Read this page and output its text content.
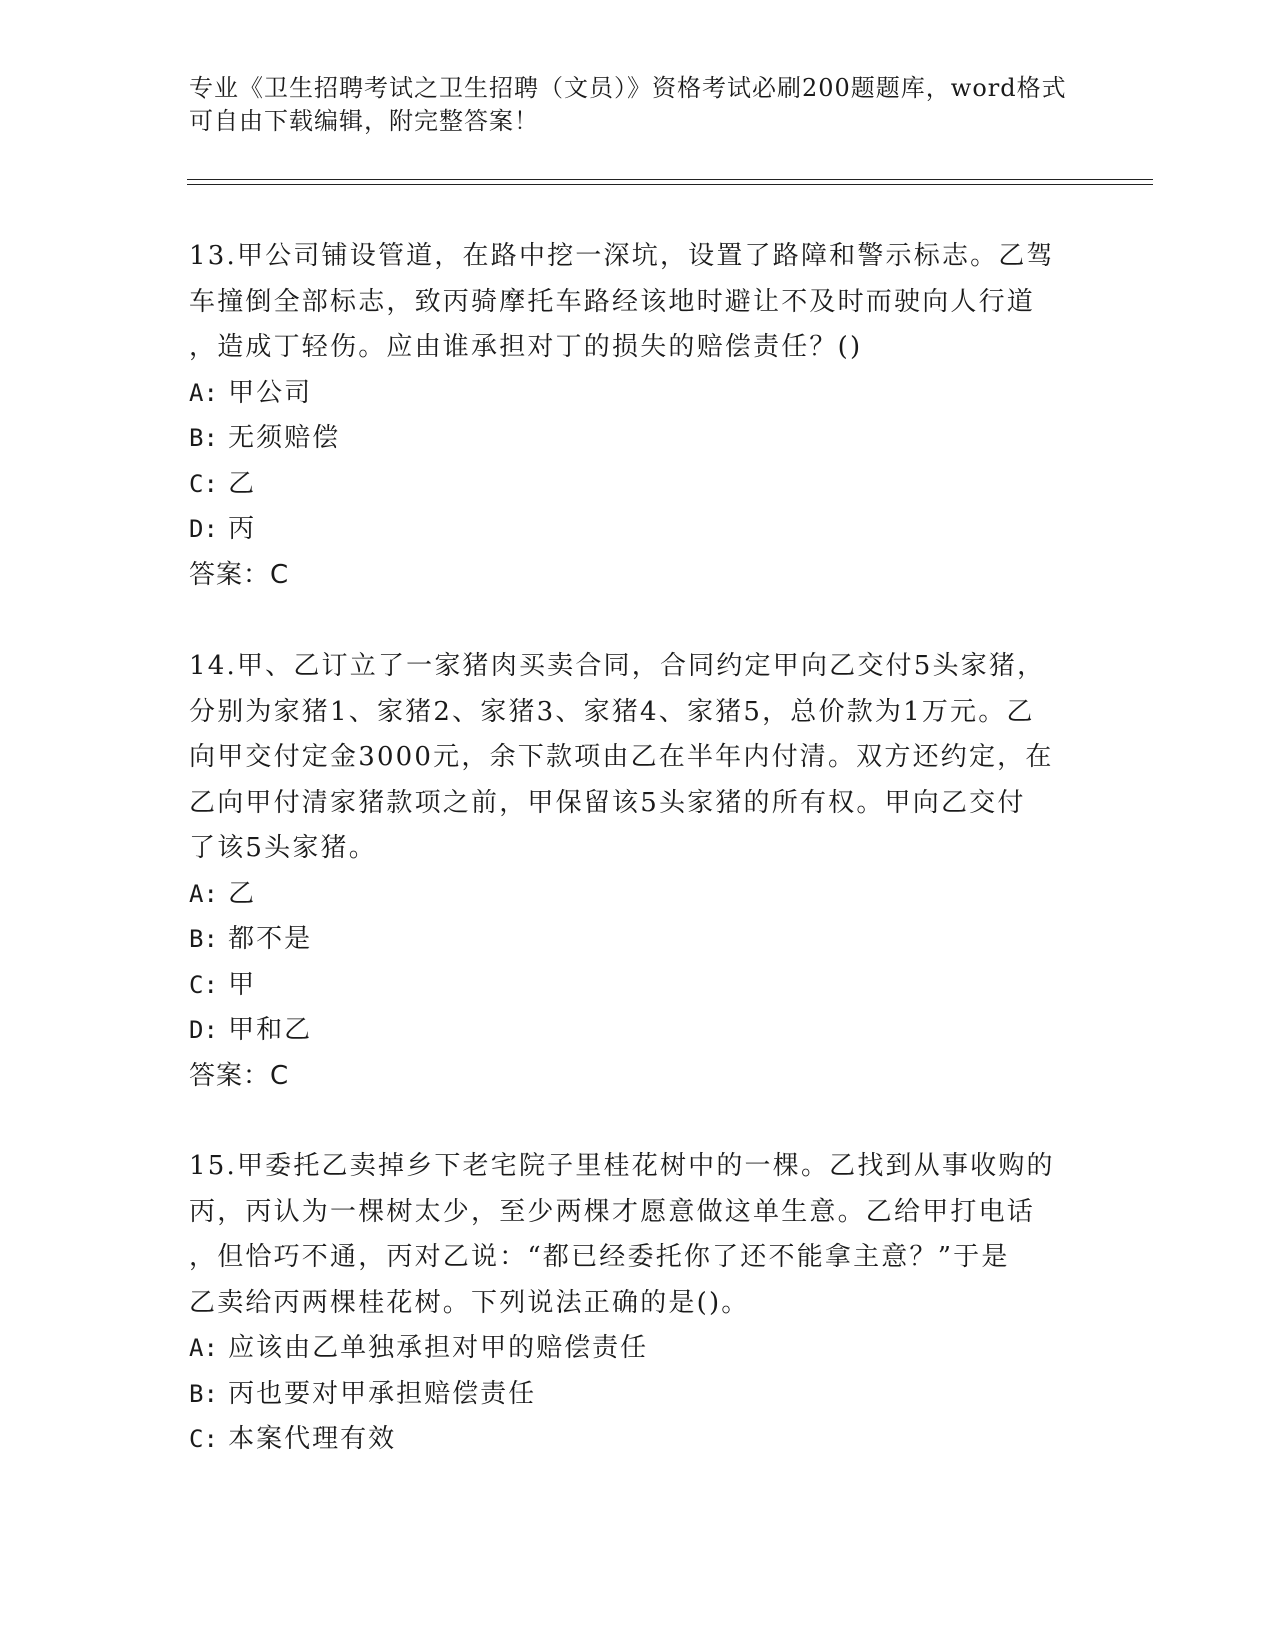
专业《卫生招聘考试之卫生招聘（文员）》资格考试必刷200题题库，word格式
可自由下载编辑，附完整答案！

13.甲公司铺设管道，在路中挖一深坑，设置了路障和警示标志。乙驾
车撞倒全部标志，致丙骑摩托车路经该地时避让不及时而驶向人行道
，造成丁轻伤。应由谁承担对丁的损失的赔偿责任？()

A: 甲公司

B: 无须赔偿

C: 乙

D: 丙

答案：C

14.甲、乙订立了一家猪肉买卖合同，合同约定甲向乙交付5头家猪，
分别为家猪1、家猪2、家猪3、家猪4、家猪5，总价款为1万元。乙
向甲交付定金3000元，余下款项由乙在半年内付清。双方还约定，在
乙向甲付清家猪款项之前，甲保留该5头家猪的所有权。甲向乙交付
了该5头家猪。

A: 乙

B: 都不是

C: 甲

D: 甲和乙

答案：C

15.甲委托乙卖掉乡下老宅院子里桂花树中的一棵。乙找到从事收购的
丙，丙认为一棵树太少，至少两棵才愿意做这单生意。乙给甲打电话
，但恰巧不通，丙对乙说：“都已经委托你了还不能拿主意？”于是
乙卖给丙两棵桂花树。下列说法正确的是()。

A: 应该由乙单独承担对甲的赔偿责任

B: 丙也要对甲承担赔偿责任

C: 本案代理有效
